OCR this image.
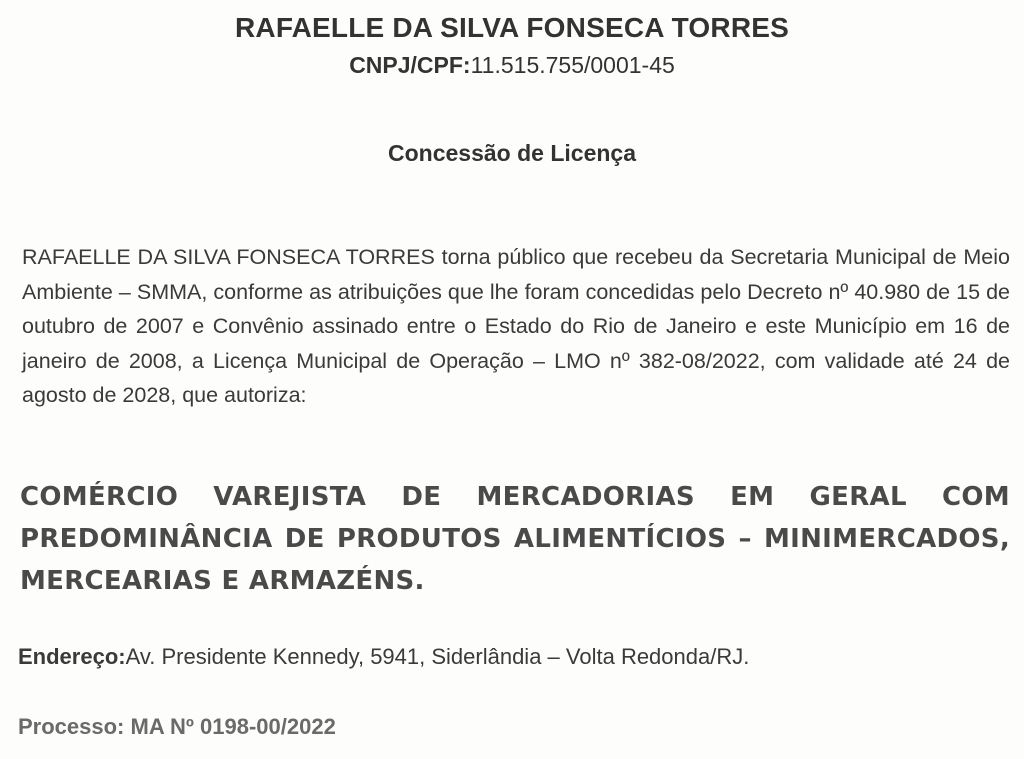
RAFAELLE DA SILVA FONSECA TORRES
CNPJ/CPF:11.515.755/0001-45
Concessão de Licença
RAFAELLE DA SILVA FONSECA TORRES torna público que recebeu da Secretaria Municipal de Meio Ambiente – SMMA, conforme as atribuições que lhe foram concedidas pelo Decreto nº 40.980 de 15 de outubro de 2007 e Convênio assinado entre o Estado do Rio de Janeiro e este Município em 16 de janeiro de 2008, a Licença Municipal de Operação – LMO nº 382-08/2022, com validade até 24 de agosto de 2028, que autoriza:
COMÉRCIO VAREJISTA DE MERCADORIAS EM GERAL COM PREDOMINÂNCIA DE PRODUTOS ALIMENTÍCIOS – MINIMERCADOS, MERCEARIAS E ARMAZÉNS.
Endereço:Av. Presidente Kennedy, 5941, Siderlândia – Volta Redonda/RJ.
Processo: MA Nº 0198-00/2022
